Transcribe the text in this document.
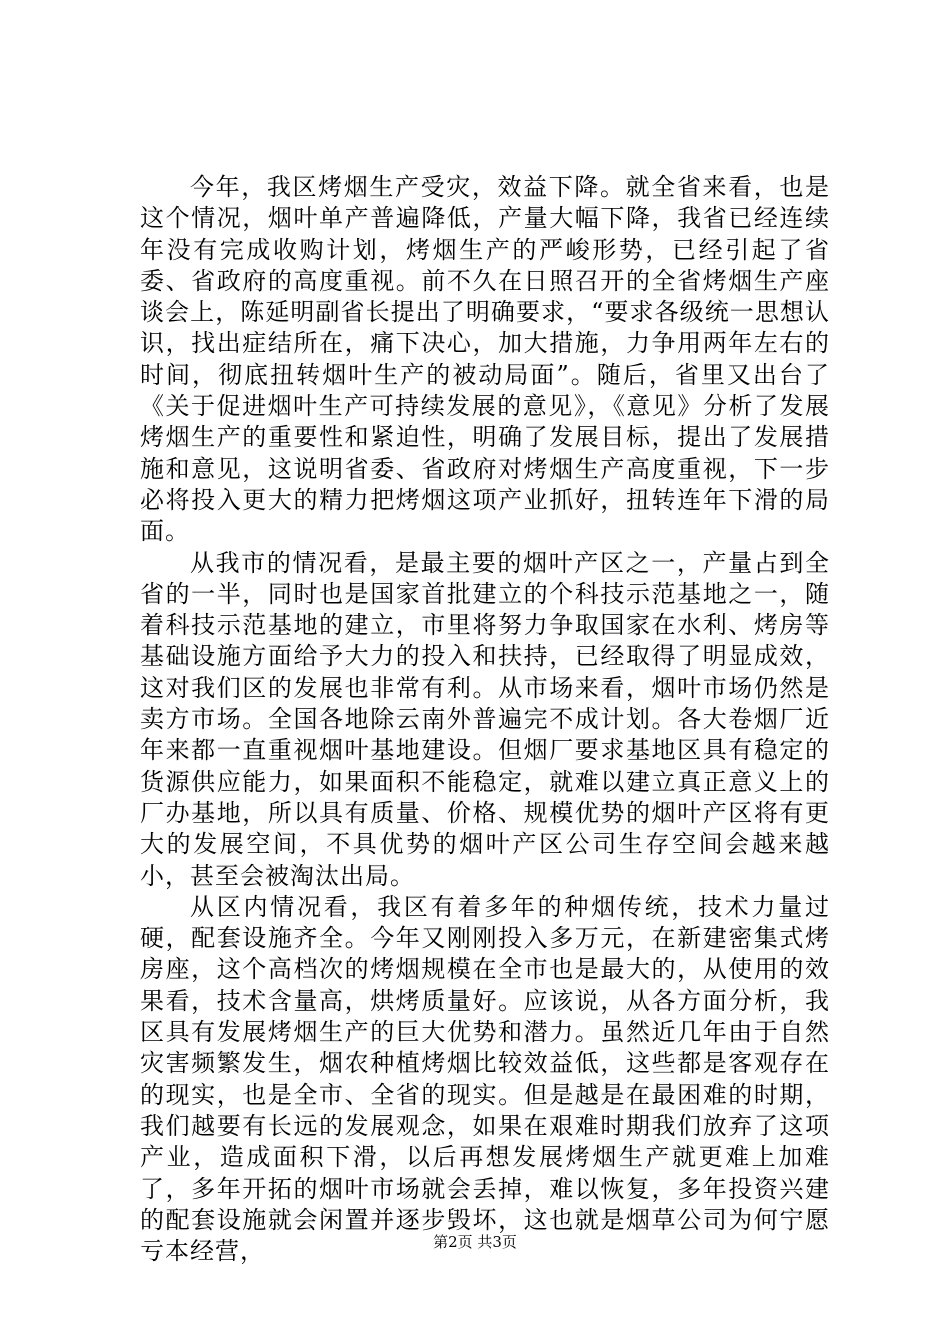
今年，我区烤烟生产受灾，效益下降。就全省来看，也是这个情况，烟叶单产普遍降低，产量大幅下降，我省已经连续年没有完成收购计划，烤烟生产的严峻形势，已经引起了省委、省政府的高度重视。前不久在日照召开的全省烤烟生产座谈会上，陈延明副省长提出了明确要求，“要求各级统一思想认识，找出症结所在，痛下决心，加大措施，力争用两年左右的时间，彻底扭转烟叶生产的被动局面”。随后，省里又出台了《关于促进烟叶生产可持续发展的意见》，《意见》分析了发展烤烟生产的重要性和紧迫性，明确了发展目标，提出了发展措施和意见，这说明省委、省政府对烤烟生产高度重视，下一步必将投入更大的精力把烤烟这项产业抓好，扭转连年下滑的局面。

从我市的情况看，是最主要的烟叶产区之一，产量占到全省的一半，同时也是国家首批建立的个科技示范基地之一，随着科技示范基地的建立，市里将努力争取国家在水利、烤房等基础设施方面给予大力的投入和扶持，已经取得了明显成效，这对我们区的发展也非常有利。从市场来看，烟叶市场仍然是卖方市场。全国各地除云南外普遍完不成计划。各大卷烟厂近年来都一直重视烟叶基地建设。但烟厂要求基地区具有稳定的货源供应能力，如果面积不能稳定，就难以建立真正意义上的厂办基地，所以具有质量、价格、规模优势的烟叶产区将有更大的发展空间，不具优势的烟叶产区公司生存空间会越来越小，甚至会被淘汰出局。

从区内情况看，我区有着多年的种烟传统，技术力量过硬，配套设施齐全。今年又刚刚投入多万元，在新建密集式烤房座，这个高档次的烤烟规模在全市也是最大的，从使用的效果看，技术含量高，烘烤质量好。应该说，从各方面分析，我区具有发展烤烟生产的巨大优势和潜力。虽然近几年由于自然灾害频繁发生，烟农种植烤烟比较效益低，这些都是客观存在的现实，也是全市、全省的现实。但是越是在最困难的时期，我们越要有长远的发展观念，如果在艰难时期我们放弃了这项产业，造成面积下滑，以后再想发展烤烟生产就更难上加难了，多年开拓的烟叶市场就会丢掉，难以恢复，多年投资兴建的配套设施就会闲置并逐步毁坏，这也就是烟草公司为何宁愿亏本经营，	第2页 共3页
